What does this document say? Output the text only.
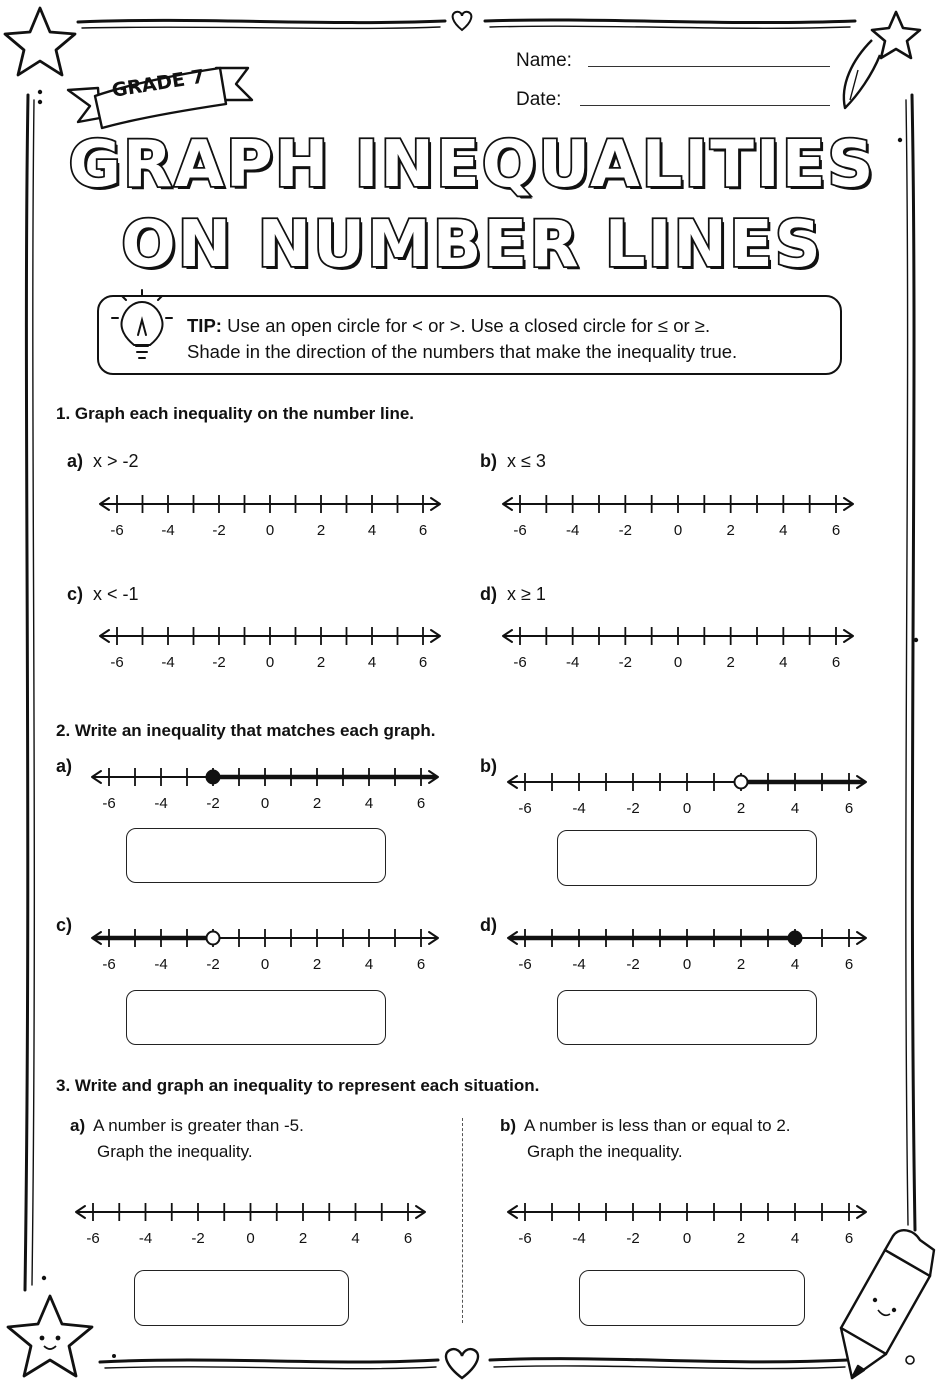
GRADE 7
Name:
Date:
GRAPH INEQUALITIES
ON NUMBER LINES
TIP: Use an open circle for < or >. Use a closed circle for ≤ or ≥.
Shade in the direction of the numbers that make the inequality true.
1. Graph each inequality on the number line.
a) x > -2	b) x ≤ 3
c) x < -1	d) x ≥ 1
-6	-4	-2	0	2	4	6	-6	-4	-2	0	2	4	6
-6	-4	-2	0	2	4	6	-6	-4	-2	0	2	4	6
-6	-4	-2	0	2	4	6	-6	-4	-2	0	2	4	6
-6	-4	-2	0	2	4	6	-6	-4	-2	0	2	4	6
-6	-4	-2	0	2	4	6	-6	-4	-2	0	2	4	6
2. Write an inequality that matches each graph.
a)	b)
c)	d)
3. Write and graph an inequality to represent each situation.
a) A number is greater than -5.
Graph the inequality.
b) A number is less than or equal to 2.
Graph the inequality.
